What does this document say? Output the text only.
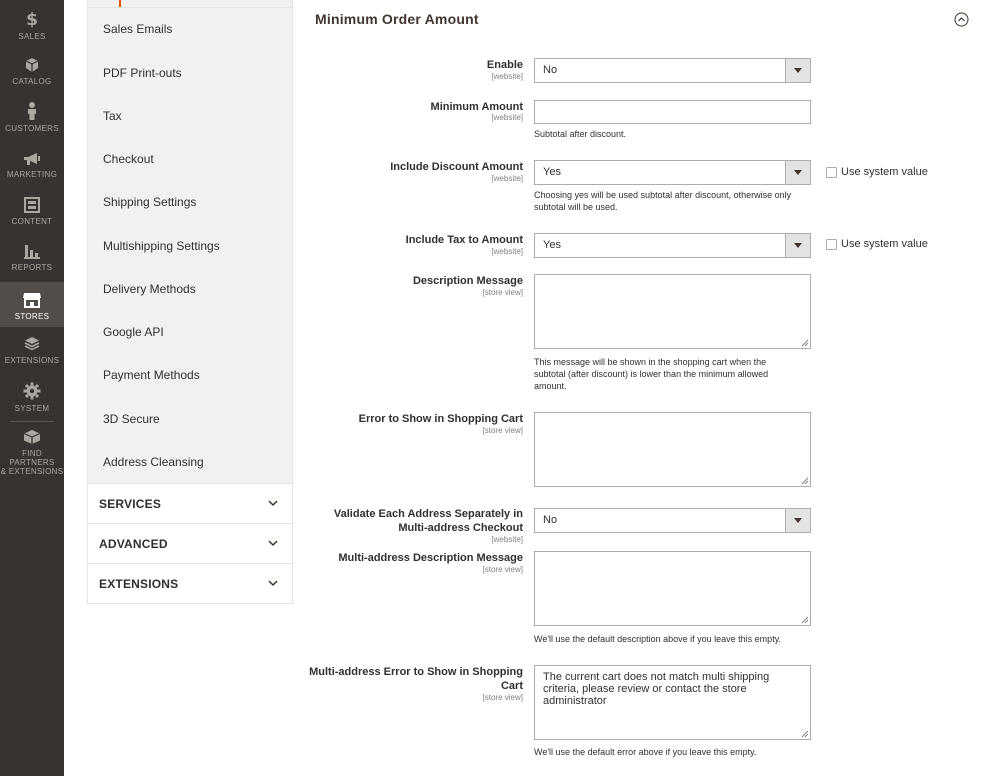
$
SALES
CATALOG
CUSTOMERS
MARKETING
CONTENT
REPORTS
STORES
EXTENSIONS
SYSTEM
FIND PARTNERS
& EXTENSIONS
Sales Emails
PDF Print-outs
Tax
Checkout
Shipping Settings
Multishipping Settings
Delivery Methods
Google API
Payment Methods
3D Secure
Address Cleansing
SERVICES
ADVANCED
EXTENSIONS
Minimum Order Amount
Enable
[website]
No
Minimum Amount
[website]
Subtotal after discount.
Include Discount Amount
[website]
Yes	Use system value
Choosing yes will be used subtotal after discount, otherwise only
subtotal will be used.
Include Tax to Amount
[website]
Yes	Use system value
Description Message
[store view]
This message will be shown in the shopping cart when the
subtotal (after discount) is lower than the minimum allowed
amount.
Error to Show in Shopping Cart
[store view]
Validate Each Address Separately in
Multi-address Checkout
[website]
No
Multi-address Description Message
[store view]
We'll use the default description above if you leave this empty.
Multi-address Error to Show in Shopping
Cart
[store view]
The current cart does not match multi shipping
criteria, please review or contact the store
administrator
We'll use the default error above if you leave this empty.
